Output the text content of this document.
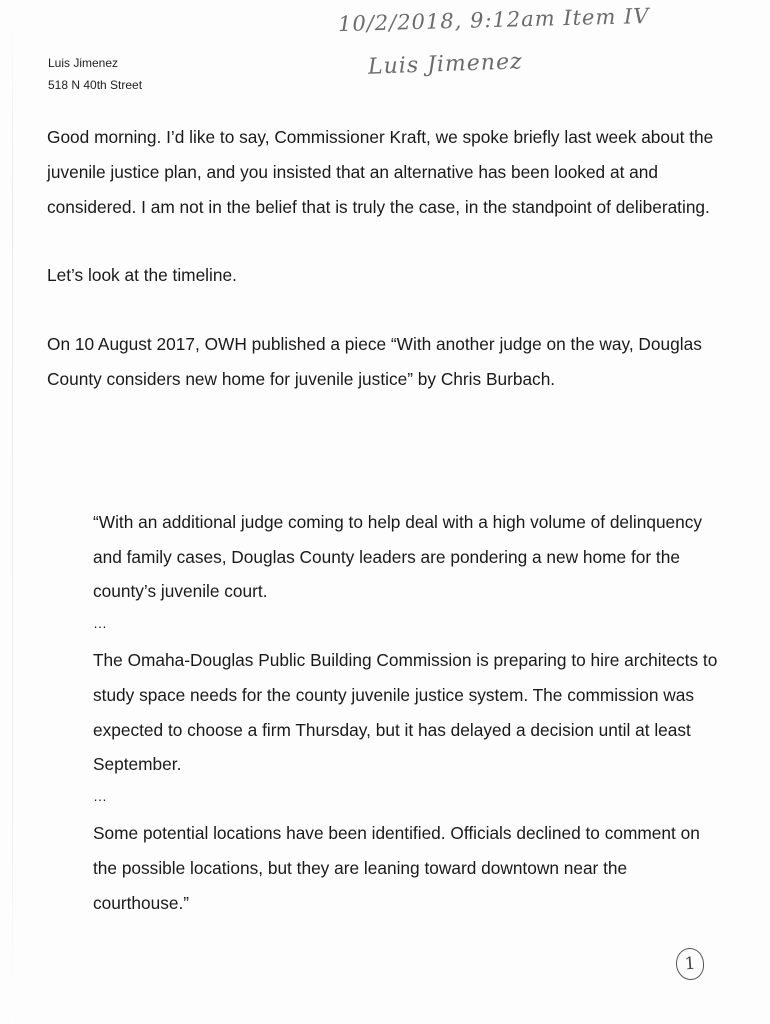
Luis Jimenez
518 N 40th Street
10/2/2018, 9:12am Item IV
Luis Jimenez

Good morning. I’d like to say, Commissioner Kraft, we spoke briefly last week about the juvenile justice plan, and you insisted that an alternative has been looked at and considered. I am not in the belief that is truly the case, in the standpoint of deliberating.

Let’s look at the timeline.

On 10 August 2017, OWH published a piece “With another judge on the way, Douglas County considers new home for juvenile justice” by Chris Burbach.

“With an additional judge coming to help deal with a high volume of delinquency and family cases, Douglas County leaders are pondering a new home for the county’s juvenile court.

…

The Omaha-Douglas Public Building Commission is preparing to hire architects to study space needs for the county juvenile justice system. The commission was expected to choose a firm Thursday, but it has delayed a decision until at least September.

…

Some potential locations have been identified. Officials declined to comment on the possible locations, but they are leaning toward downtown near the courthouse.”

1
